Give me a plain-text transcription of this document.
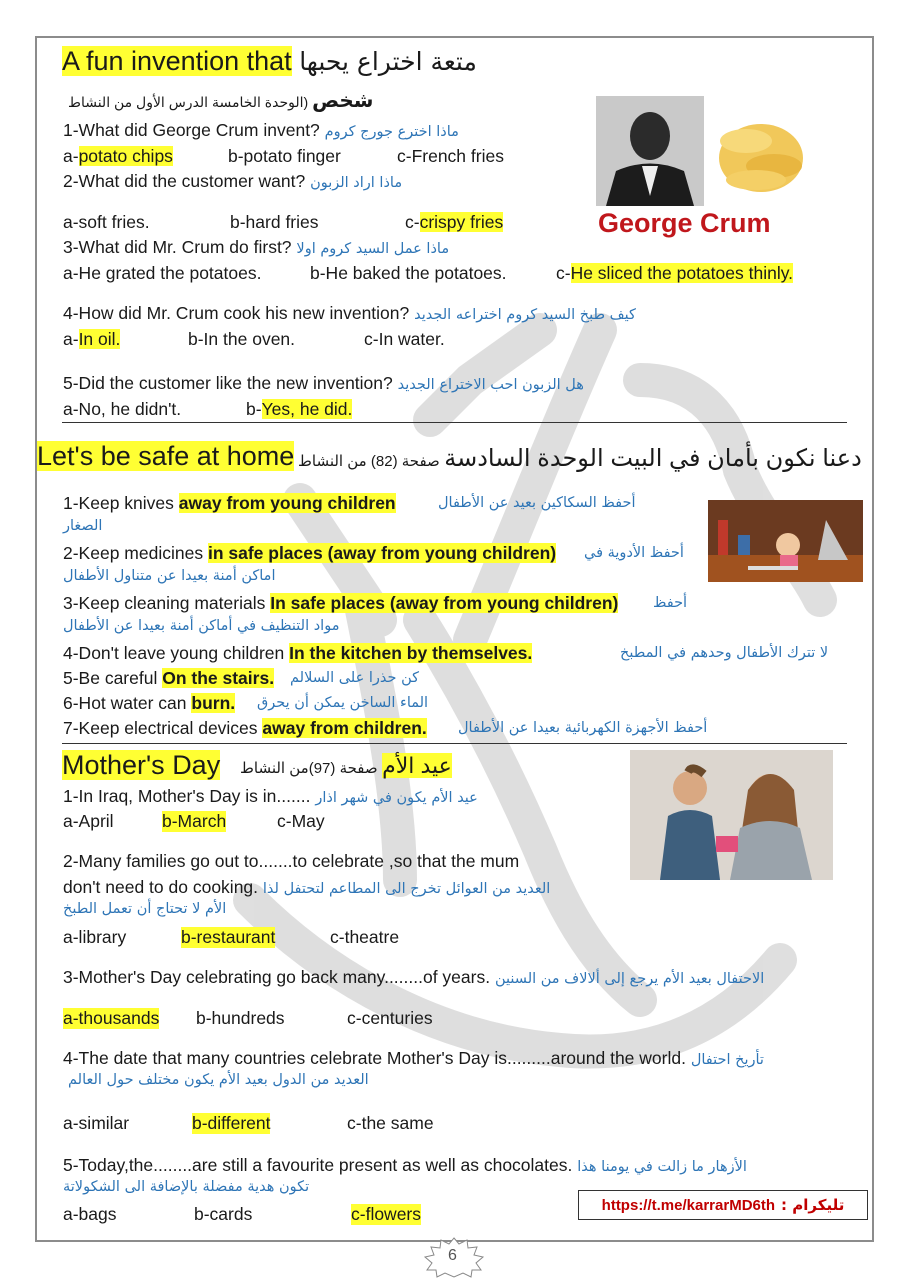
A fun invention that متعة اختراع يحبها
شخص (الوحدة الخامسة الدرس الأول من النشاط
1-What did George Crum invent? ماذا اخترع جورج كروم
a-potato chips	b-potato finger	c-French fries
2-What did the customer want? ماذا اراد الزبون
a-soft fries.	b-hard fries	c-crispy fries
3-What did Mr. Crum do first? ماذا عمل السيد كروم اولا
a-He grated the potatoes.	b-He baked the potatoes.	c-He sliced the potatoes thinly.
4-How did Mr. Crum cook his new invention? كيف طبخ السيد كروم اختراعه الجديد
a-In oil.	b-In the oven.	c-In water.
5-Did the customer like the new invention? هل الزبون احب الاختراع الجديد
a-No, he didn't.	b-Yes, he did.
George Crum
Let's be safe at home	دعنا نكون بأمان في البيت الوحدة السادسة صفحة (82) من النشاط
1-Keep knives away from young children	أحفظ السكاكين بعيد عن الأطفال
الصغار
2-Keep medicines in safe places (away from young children) أحفظ الأدوية في
اماكن أمنة بعيدا عن متناول الأطفال
3-Keep cleaning materials In safe places (away from young children) أحفظ
مواد التنظيف في أماكن أمنة بعيدا عن الأطفال
4-Don't leave young children In the kitchen by themselves.	لا تترك الأطفال وحدهم في المطبخ
5-Be careful On the stairs. كن حذرا على السلالم
6-Hot water can burn. الماء الساخن يمكن أن يحرق
7-Keep electrical devices away from children. أحفظ الأجهزة الكهربائية بعيدا عن الأطفال
Mother's Day	عيد الأم صفحة (97)من النشاط
1-In Iraq, Mother's Day is in....... عيد الأم يكون في شهر اذار
a-April	b-March	c-May
2-Many families go out to.......to celebrate ,so that the mum
don't need to do cooking. العديد من العوائل تخرج الى المطاعم لتحتفل لذا
الأم لا تحتاج أن تعمل الطبخ
a-library	b-restaurant	c-theatre
3-Mother's Day celebrating go back many........of years. الاحتفال بعيد الأم يرجع إلى ألالاف من السنين
a-thousands b-hundreds	c-centuries
4-The date that many countries celebrate Mother's Day is.........around the world. تأريخ احتفال
العديد من الدول بعيد الأم يكون مختلف حول العالم
a-similar	b-different	c-the same
5-Today,the........are still a favourite present as well as chocolates. الأزهار ما زالت في يومنا هذا
تكون هدية مفضلة بالإضافة الى الشكولاتة
a-bags	b-cards	c-flowers	https://t.me/karrarMD6th تليكرام :
6
